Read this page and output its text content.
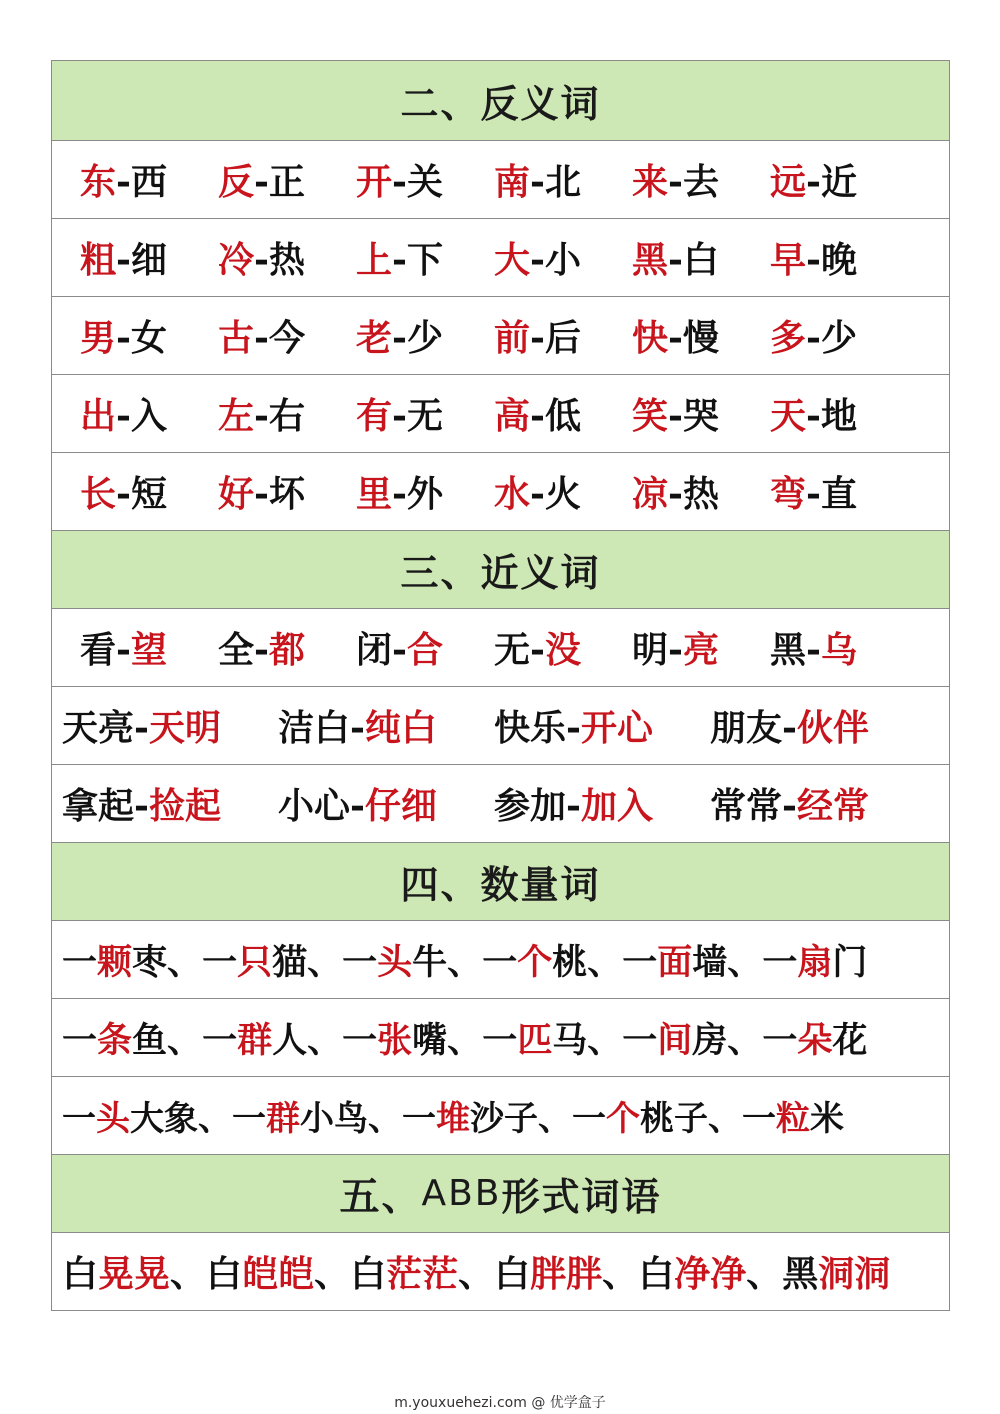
二、反义词
东-西	反-正	开-关	南-北	来-去	远-近
粗-细	冷-热	上-下	大-小	黑-白	早-晚
男-女	古-今	老-少	前-后	快-慢	多-少
出-入	左-右	有-无	高-低	笑-哭	天-地
长-短	好-坏	里-外	水-火	凉-热	弯-直
三、近义词
看-望	全-都	闭-合	无-没	明-亮	黑-乌
天亮-天明	洁白-纯白	快乐-开心	朋友-伙伴
拿起-捡起	小心-仔细	参加-加入	常常-经常
四、数量词
一颗枣 、 一只猫 、 一头牛 、 一个桃 、 一面墙 、 一扇门
一条鱼 、 一群人 、 一张嘴 、 一匹马 、 一间房 、 一朵花
一头大象 、 一群小鸟 、 一堆沙子 、 一个桃子 、 一粒米
五 、 ABB 形式词语
白晃晃 、 白皑皑 、 白茫茫 、 白胖胖 、 白净净 、 黑洞洞
m.youxuehezi.com @ 优学盒子
